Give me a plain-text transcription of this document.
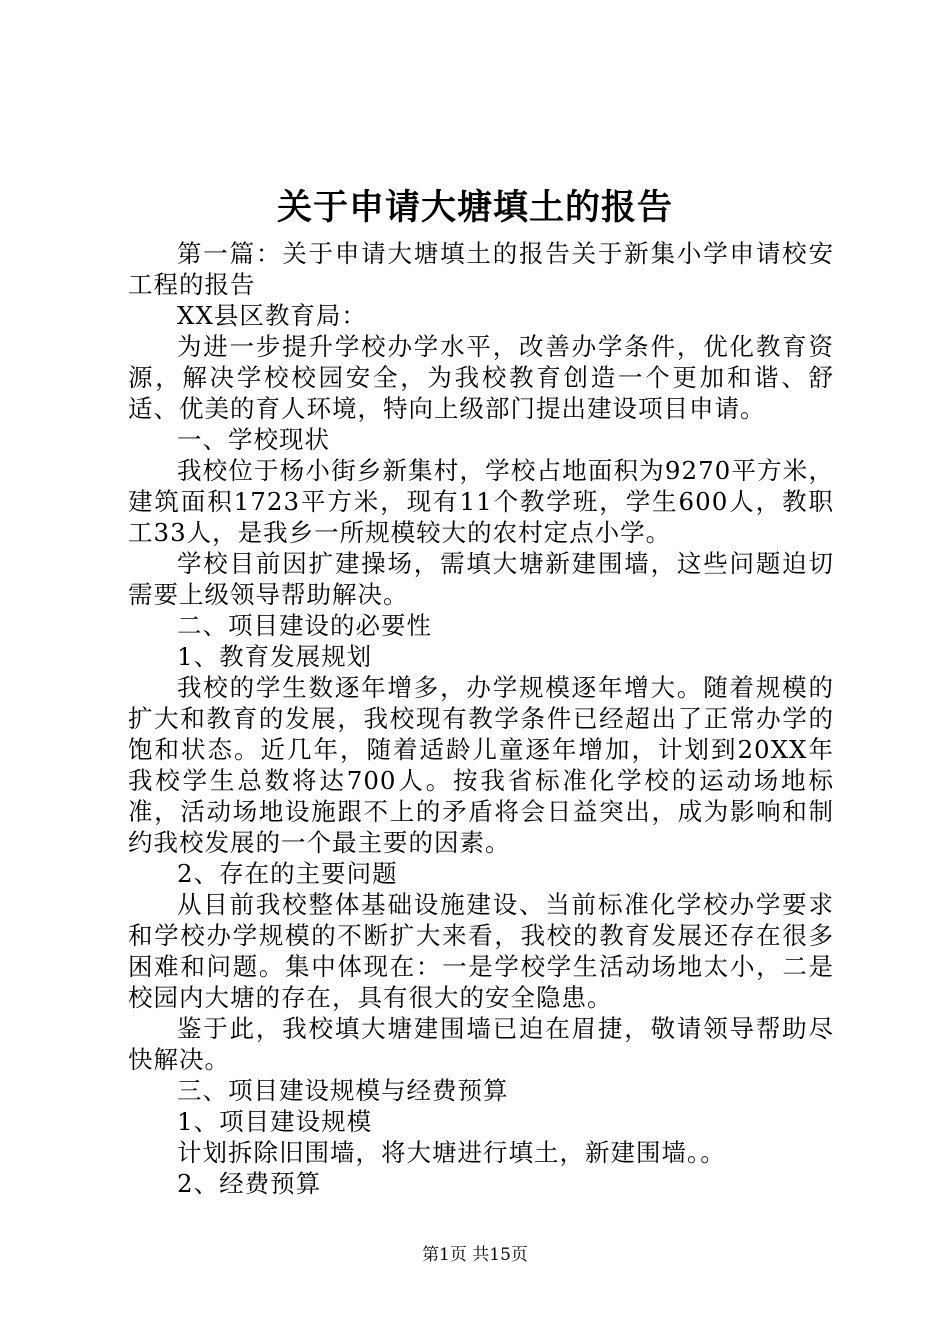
关于申请大塘填土的报告

第一篇：关于申请大塘填土的报告关于新集小学申请校安工程的报告

XX县区教育局：

为进一步提升学校办学水平，改善办学条件，优化教育资源，解决学校校园安全，为我校教育创造一个更加和谐、舒适、优美的育人环境，特向上级部门提出建设项目申请。

一、学校现状

我校位于杨小街乡新集村，学校占地面积为9270平方米，建筑面积1723平方米，现有11个教学班，学生600人，教职工33人，是我乡一所规模较大的农村定点小学。

学校目前因扩建操场，需填大塘新建围墙，这些问题迫切需要上级领导帮助解决。

二、项目建设的必要性

1、教育发展规划

我校的学生数逐年增多，办学规模逐年增大。随着规模的扩大和教育的发展，我校现有教学条件已经超出了正常办学的饱和状态。近几年，随着适龄儿童逐年增加，计划到20XX年我校学生总数将达700人。按我省标准化学校的运动场地标准，活动场地设施跟不上的矛盾将会日益突出，成为影响和制约我校发展的一个最主要的因素。

2、存在的主要问题

从目前我校整体基础设施建设、当前标准化学校办学要求和学校办学规模的不断扩大来看，我校的教育发展还存在很多困难和问题。集中体现在：一是学校学生活动场地太小，二是校园内大塘的存在，具有很大的安全隐患。

鉴于此，我校填大塘建围墙已迫在眉捷，敬请领导帮助尽快解决。

三、项目建设规模与经费预算

1、项目建设规模

计划拆除旧围墙，将大塘进行填土，新建围墙。。

2、经费预算

第1页 共15页
